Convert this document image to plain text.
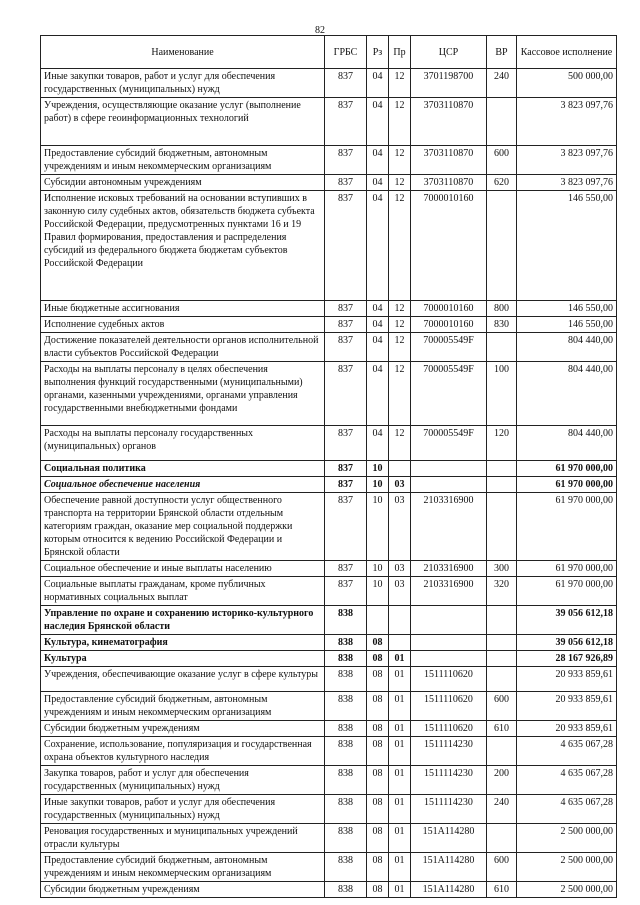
82
Наименование	ГРБС	Рз	Пр	ЦСР	ВР	Кассовое исполнение
Иные закупки товаров, работ и услуг для обеспечения государственных (муниципальных) нужд	837	04	12	3701198700	240	500 000,00
Учреждения, осуществляющие оказание услуг (выполнение работ) в сфере геоинформационных технологий	837	04	12	3703110870		3 823 097,76
Предоставление субсидий бюджетным, автономным учреждениям и иным некоммерческим организациям	837	04	12	3703110870	600	3 823 097,76
Субсидии автономным учреждениям	837	04	12	3703110870	620	3 823 097,76
Исполнение исковых требований на основании вступивших в законную силу судебных актов, обязательств бюджета субъекта Российской Федерации, предусмотренных пунктами 16 и 19 Правил формирования, предоставления и распределения субсидий из федерального бюджета бюджетам субъектов Российской Федерации	837	04	12	7000010160		146 550,00
Иные бюджетные ассигнования	837	04	12	7000010160	800	146 550,00
Исполнение судебных актов	837	04	12	7000010160	830	146 550,00
Достижение показателей деятельности органов исполнительной власти субъектов Российской Федерации	837	04	12	700005549F		804 440,00
Расходы на выплаты персоналу в целях обеспечения выполнения функций государственными (муниципальными) органами, казенными учреждениями, органами управления государственными внебюджетными фондами	837	04	12	700005549F	100	804 440,00
Расходы на выплаты персоналу государственных (муниципальных) органов	837	04	12	700005549F	120	804 440,00
Социальная политика	837	10				61 970 000,00
Социальное обеспечение населения	837	10	03			61 970 000,00
Обеспечение равной доступности услуг общественного транспорта на территории Брянской области отдельным категориям граждан, оказание мер социальной поддержки которым относится к ведению Российской Федерации и Брянской области	837	10	03	2103316900		61 970 000,00
Социальное обеспечение и иные выплаты населению	837	10	03	2103316900	300	61 970 000,00
Социальные выплаты гражданам, кроме публичных нормативных социальных выплат	837	10	03	2103316900	320	61 970 000,00
Управление по охране и сохранению историко-культурного наследия Брянской области	838					39 056 612,18
Культура, кинематография	838	08				39 056 612,18
Культура	838	08	01			28 167 926,89
Учреждения, обеспечивающие оказание услуг в сфере культуры	838	08	01	1511110620		20 933 859,61
Предоставление субсидий бюджетным, автономным учреждениям и иным некоммерческим организациям	838	08	01	1511110620	600	20 933 859,61
Субсидии бюджетным учреждениям	838	08	01	1511110620	610	20 933 859,61
Сохранение, использование, популяризация и государственная охрана объектов культурного наследия	838	08	01	1511114230		4 635 067,28
Закупка товаров, работ и услуг для обеспечения государственных (муниципальных) нужд	838	08	01	1511114230	200	4 635 067,28
Иные закупки товаров, работ и услуг для обеспечения государственных (муниципальных) нужд	838	08	01	1511114230	240	4 635 067,28
Реновация государственных и муниципальных учреждений отрасли культуры	838	08	01	151A114280		2 500 000,00
Предоставление субсидий бюджетным, автономным учреждениям и иным некоммерческим организациям	838	08	01	151A114280	600	2 500 000,00
Субсидии бюджетным учреждениям	838	08	01	151A114280	610	2 500 000,00
